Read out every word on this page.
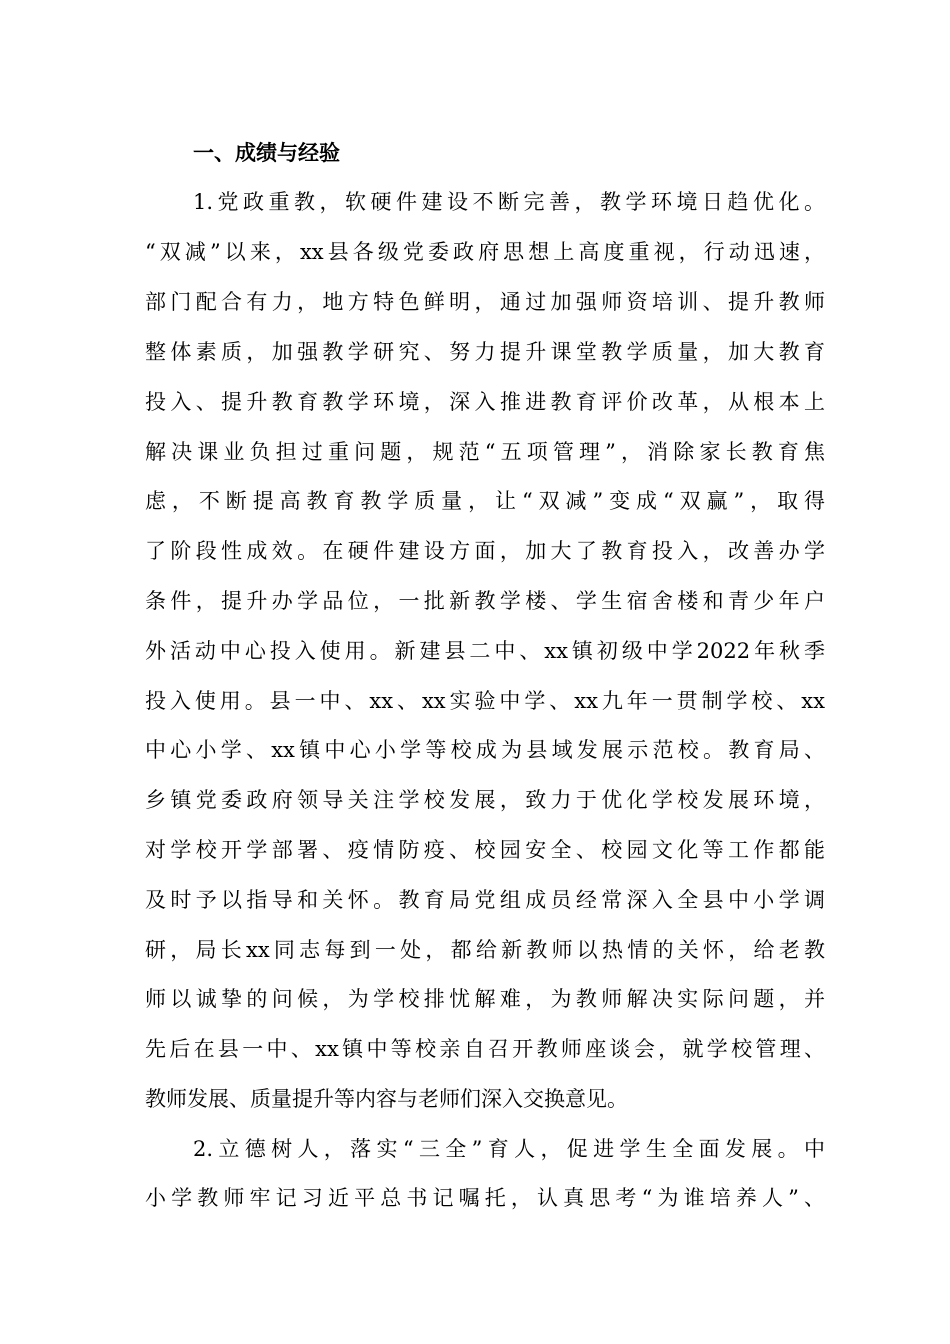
一、成绩与经验

1.党政重教，软硬件建设不断完善，教学环境日趋优化。

“双减”以来，xx县各级党委政府思想上高度重视，行动迅速，

部门配合有力，地方特色鲜明，通过加强师资培训、提升教师

整体素质，加强教学研究、努力提升课堂教学质量，加大教育

投入、提升教育教学环境，深入推进教育评价改革，从根本上

解决课业负担过重问题，规范“五项管理”，消除家长教育焦

虑，不断提高教育教学质量，让“双减”变成“双赢”，取得

了阶段性成效。在硬件建设方面，加大了教育投入，改善办学

条件，提升办学品位，一批新教学楼、学生宿舍楼和青少年户

外活动中心投入使用。新建县二中、xx镇初级中学2022年秋季

投入使用。县一中、xx、xx实验中学、xx九年一贯制学校、xx

中心小学、xx镇中心小学等校成为县域发展示范校。教育局、

乡镇党委政府领导关注学校发展，致力于优化学校发展环境，

对学校开学部署、疫情防疫、校园安全、校园文化等工作都能

及时予以指导和关怀。教育局党组成员经常深入全县中小学调

研，局长xx同志每到一处，都给新教师以热情的关怀，给老教

师以诚挚的问候，为学校排忧解难，为教师解决实际问题，并

先后在县一中、xx镇中等校亲自召开教师座谈会，就学校管理、

教师发展、质量提升等内容与老师们深入交换意见。

2.立德树人，落实“三全”育人，促进学生全面发展。中

小学教师牢记习近平总书记嘱托，认真思考“为谁培养人”、
